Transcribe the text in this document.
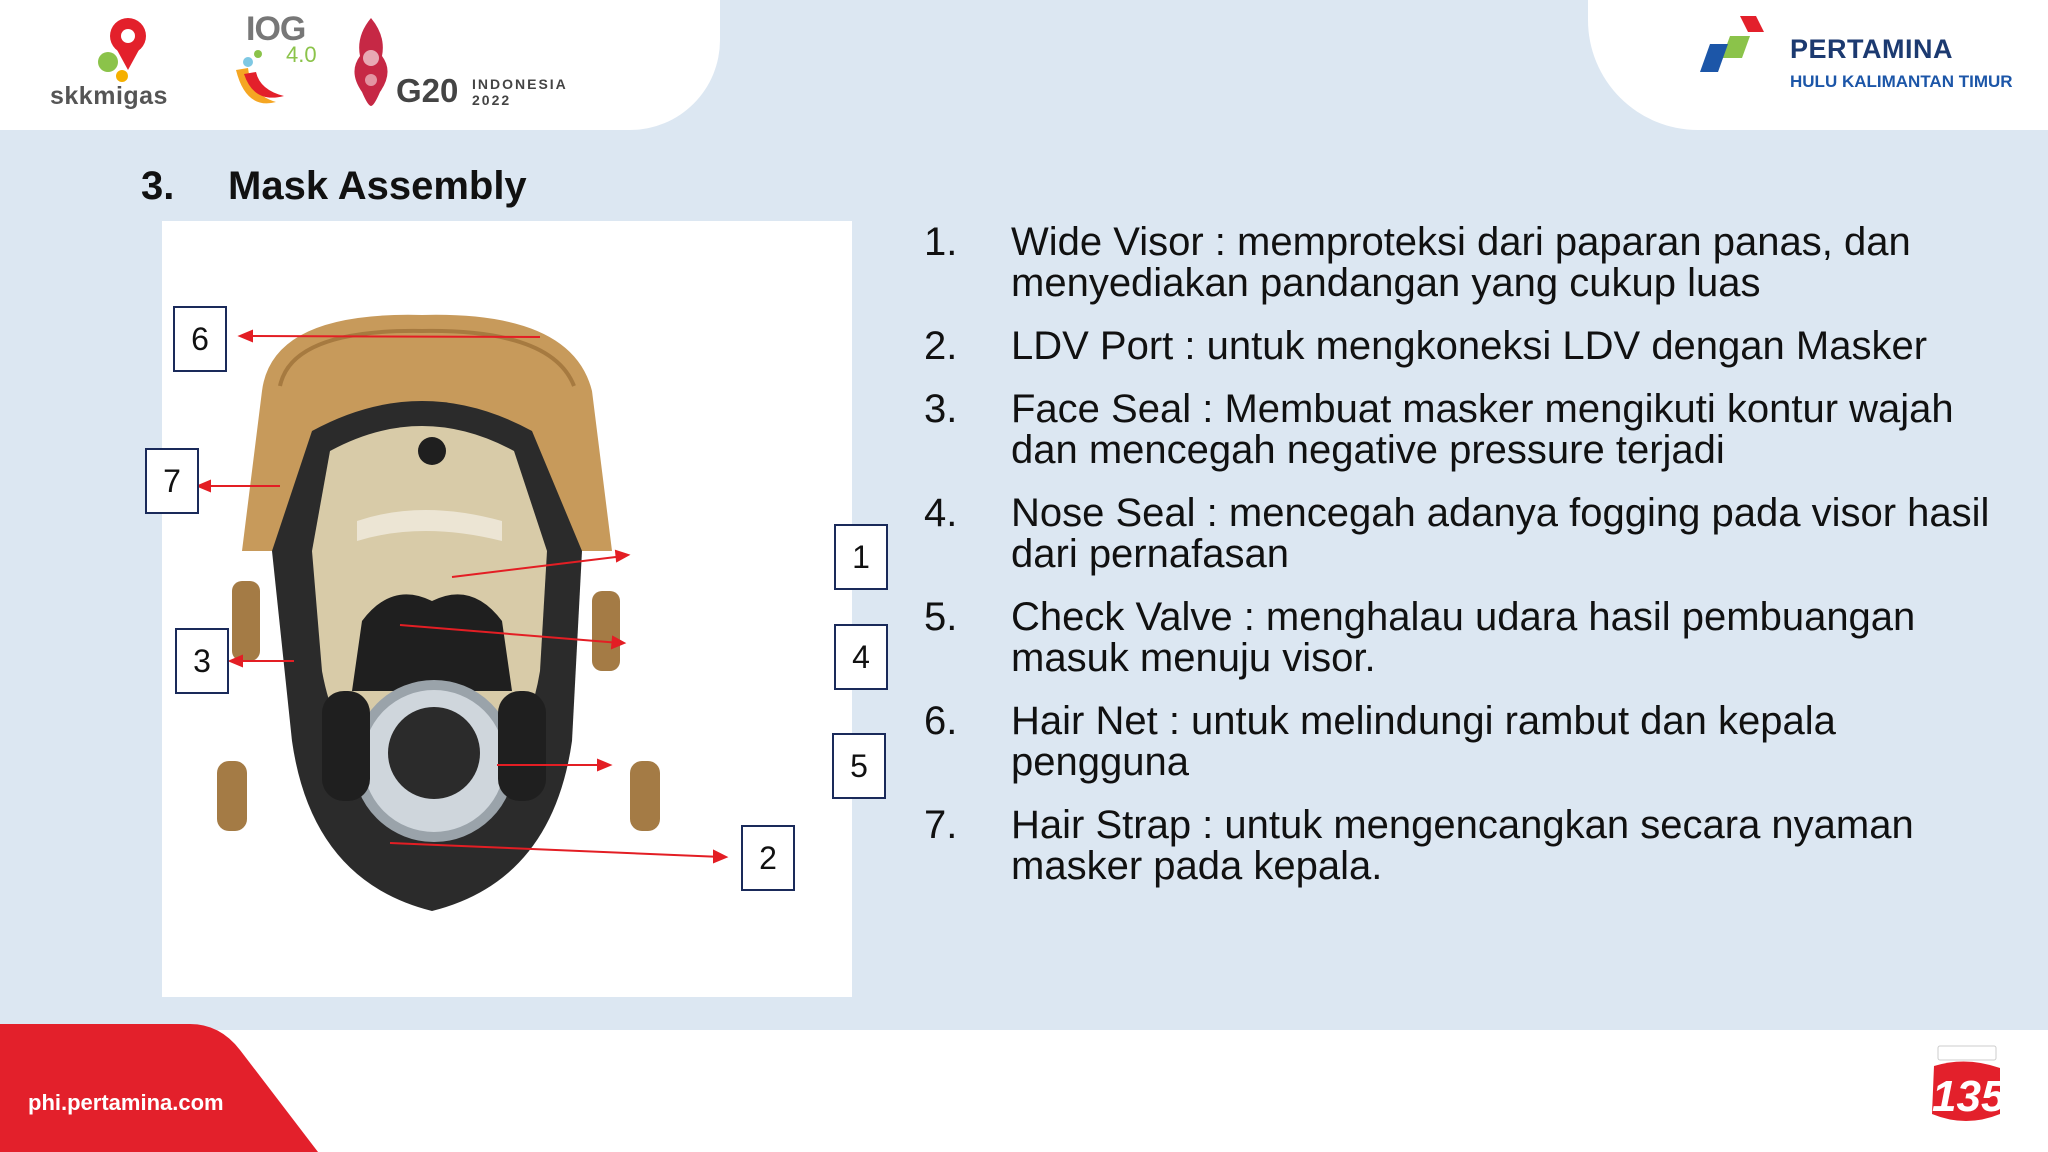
skkmigas
IOG
4.0
G20 INDONESIA
2022
PERTAMINA
HULU KALIMANTAN TIMUR
3. Mask Assembly
6
7
3
1
4
5
2
1. Wide Visor : memproteksi dari paparan panas, dan menyediakan pandangan yang cukup luas
2. LDV Port : untuk mengkoneksi LDV dengan Masker
3. Face Seal : Membuat masker mengikuti kontur wajah dan mencegah negative pressure terjadi
4. Nose Seal : mencegah adanya fogging pada visor hasil dari pernafasan
5. Check Valve : menghalau udara hasil pembuangan masuk menuju visor.
6. Hair Net : untuk melindungi rambut dan kepala pengguna
7. Hair Strap : untuk mengencangkan secara nyaman masker pada kepala.
phi.pertamina.com	135
